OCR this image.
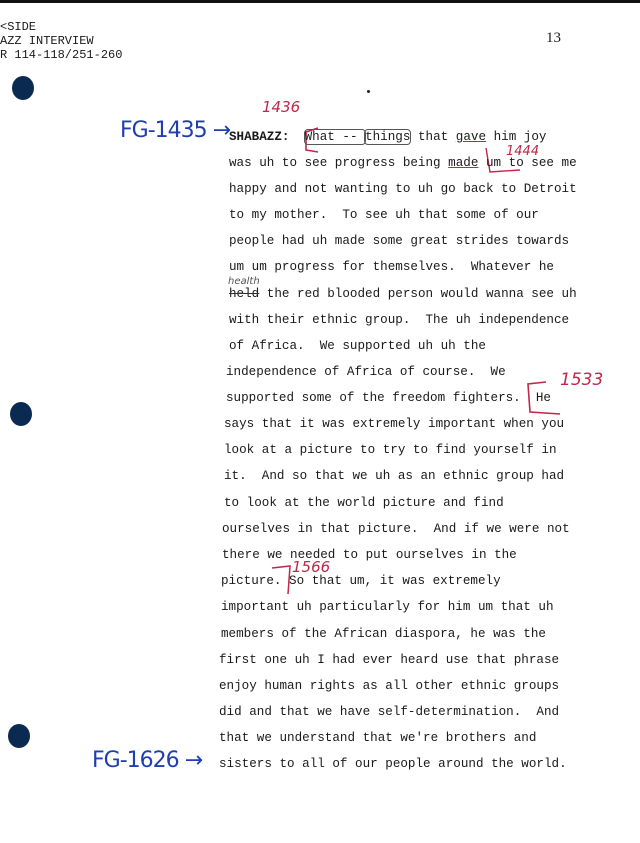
<SIDE
AZZ INTERVIEW
R 114-118/251-260
13
FG-1435 →
FG-1626 →
1436
1444
1533
1566
health
SHABAZZ: What -- things that gave him joy
was uh to see progress being made um to see me
happy and not wanting to uh go back to Detroit
to my mother.  To see uh that some of our
people had uh made some great strides towards
um um progress for themselves.  Whatever he
held the red blooded person would wanna see uh
with their ethnic group.  The uh independence
of Africa.  We supported uh uh the
independence of Africa of course.  We
supported some of the freedom fighters.  He
says that it was extremely important when you
look at a picture to try to find yourself in
it.  And so that we uh as an ethnic group had
to look at the world picture and find
ourselves in that picture.  And if we were not
there we needed to put ourselves in the
picture. So that um, it was extremely
important uh particularly for him um that uh
members of the African diaspora, he was the
first one uh I had ever heard use that phrase
enjoy human rights as all other ethnic groups
did and that we have self-determination.  And
that we understand that we're brothers and
sisters to all of our people around the world.
